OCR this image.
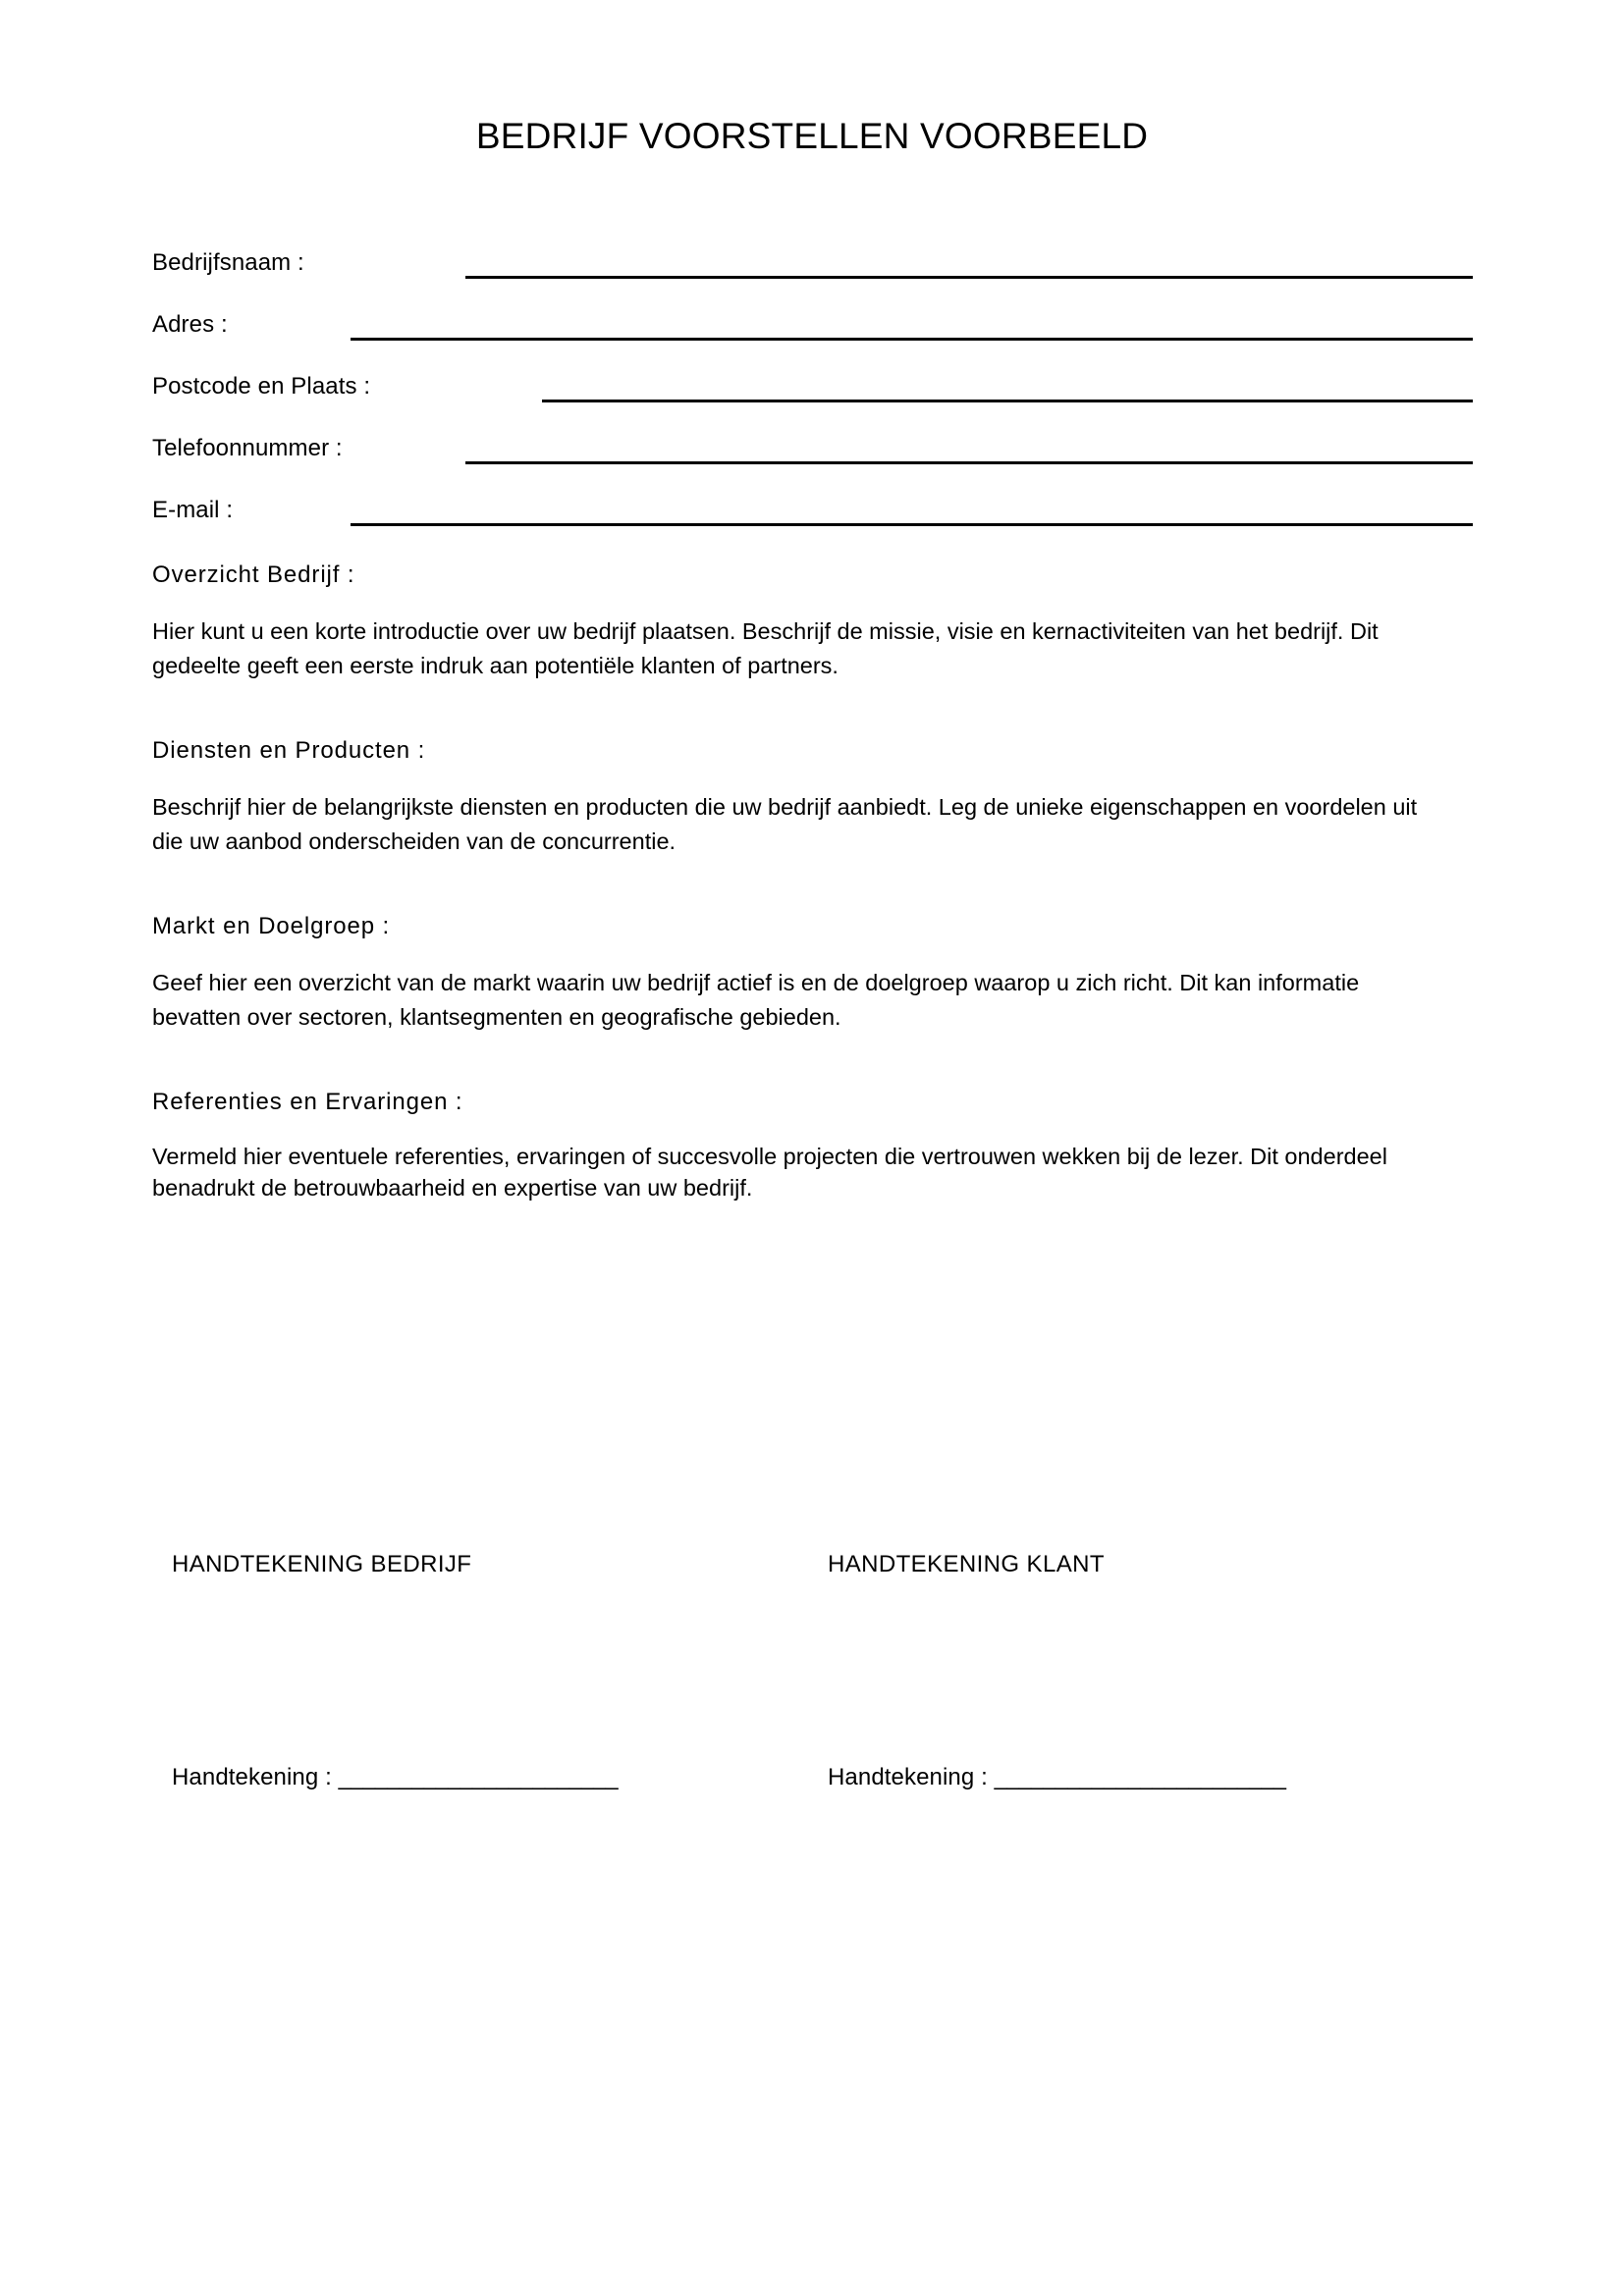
BEDRIJF VOORSTELLEN VOORBEELD
Bedrijfsnaam :
Adres :
Postcode en Plaats :
Telefoonnummer :
E-mail :
Overzicht Bedrijf :

Hier kunt u een korte introductie over uw bedrijf plaatsen. Beschrijf de missie, visie en kernactiviteiten van het bedrijf. Dit gedeelte geeft een eerste indruk aan potentiële klanten of partners.

Diensten en Producten :

Beschrijf hier de belangrijkste diensten en producten die uw bedrijf aanbiedt. Leg de unieke eigenschappen en voordelen uit die uw aanbod onderscheiden van de concurrentie.

Markt en Doelgroep :

Geef hier een overzicht van de markt waarin uw bedrijf actief is en de doelgroep waarop u zich richt. Dit kan informatie bevatten over sectoren, klantsegmenten en geografische gebieden.

Referenties en Ervaringen :

Vermeld hier eventuele referenties, ervaringen of succesvolle projecten die vertrouwen wekken bij de lezer. Dit onderdeel benadrukt de betrouwbaarheid en expertise van uw bedrijf.

HANDTEKENING BEDRIJF	HANDTEKENING KLANT
Handtekening : _______________________	Handtekening : ________________________
